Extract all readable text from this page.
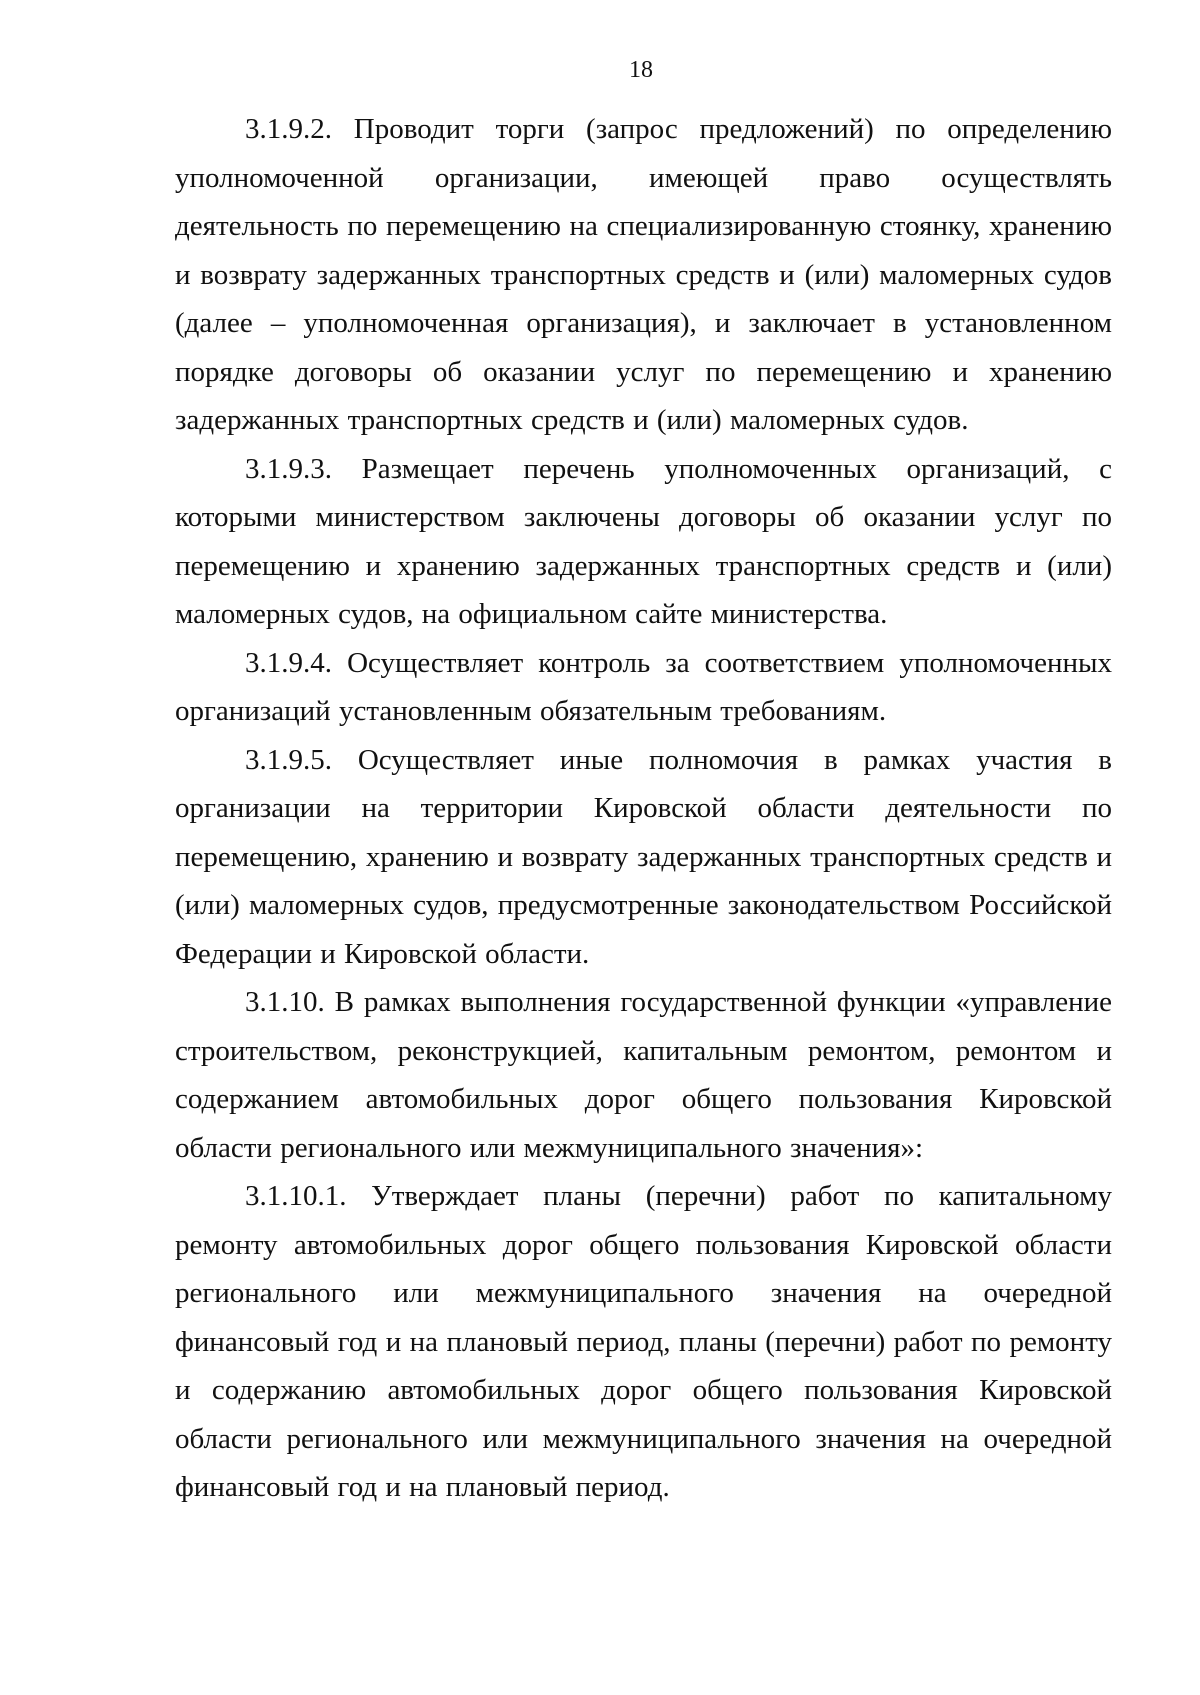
18

3.1.9.2. Проводит торги (запрос предложений) по определению уполномоченной организации, имеющей право осуществлять деятельность по перемещению на специализированную стоянку, хранению и возврату задержанных транспортных средств и (или) маломерных судов (далее – уполномоченная организация), и заключает в установленном порядке договоры об оказании услуг по перемещению и хранению задержанных транспортных средств и (или) маломерных судов.

3.1.9.3. Размещает перечень уполномоченных организаций, с которыми министерством заключены договоры об оказании услуг по перемещению и хранению задержанных транспортных средств и (или) маломерных судов, на официальном сайте министерства.

3.1.9.4. Осуществляет контроль за соответствием уполномоченных организаций установленным обязательным требованиям.

3.1.9.5. Осуществляет иные полномочия в рамках участия в организации на территории Кировской области деятельности по перемещению, хранению и возврату задержанных транспортных средств и (или) маломерных судов, предусмотренные законодательством Российской Федерации и Кировской области.

3.1.10. В рамках выполнения государственной функции «управление строительством, реконструкцией, капитальным ремонтом, ремонтом и содержанием автомобильных дорог общего пользования Кировской области регионального или межмуниципального значения»:

3.1.10.1. Утверждает планы (перечни) работ по капитальному ремонту автомобильных дорог общего пользования Кировской области регионального или межмуниципального значения на очередной финансовый год и на плановый период, планы (перечни) работ по ремонту и содержанию автомобильных дорог общего пользования Кировской области регионального или межмуниципального значения на очередной финансовый год и на плановый период.
